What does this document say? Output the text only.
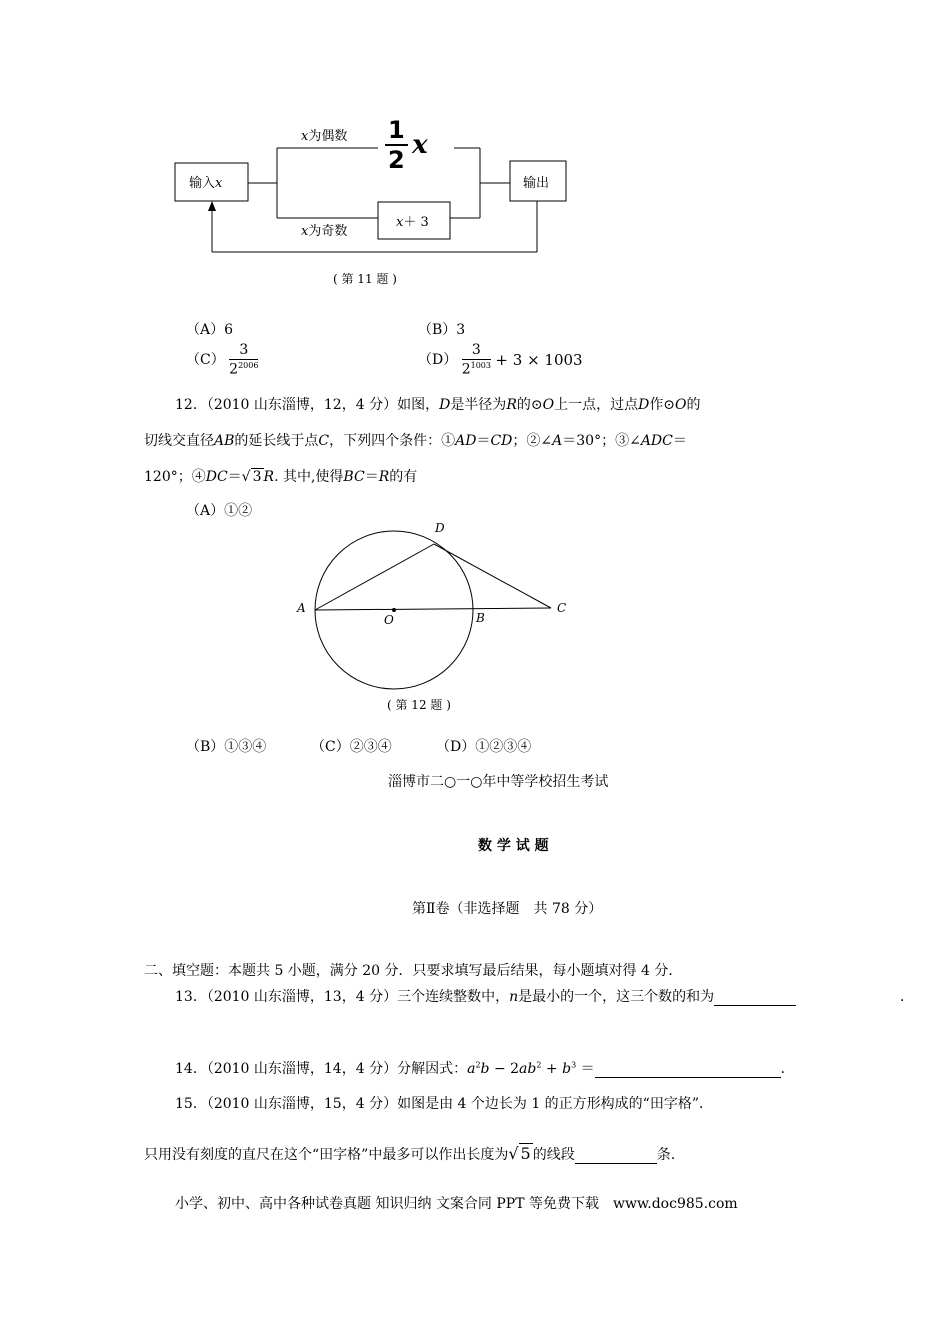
输入x	输出
x为偶数
x为奇数
$\frac{1}{2}$ x
x＋ 3
( 第 11 题 )
（A）6	（B）3
$(C) \frac{3}{2^{2006}}$	$(D) \frac{3}{2^{1003}} + 3 \times 1003$
12．（2010 山东淄博，12，4 分）如图，D是半径为R的⊙O上一点，过点D作⊙O的
切线交直径AB的延长线于点C，下列四个条件：①AD＝CD；②∠A＝30°；③∠ADC＝
120°；④DC＝√ 3 R. 其中,使得BC＝R的有
（A）①②
A
B
C
D
O
( 第 12 题 )
（B）①③④	（C）②③④	（D）①②③④
淄博市二○一○年中等学校招生考试
数 学 试 题
第Ⅱ卷（非选择题　共 78 分）
二、填空题：本题共 5 小题，满分 20 分．只要求填写最后结果，每小题填对得 4 分．
13．（2010 山东淄博，13，4 分）三个连续整数中，n是最小的一个，这三个数的和为	．
14．（2010 山东淄博，14，4 分）分解因式：$a^2b - 2ab^2 + b^3$ ＝	．
15．（2010 山东淄博，15，4 分）如图是由 4 个边长为 1 的正方形构成的“田字格”．
只用没有刻度的直尺在这个“田字格”中最多可以作出长度为√ 5 的线段	条.
小学、初中、高中各种试卷真题 知识归纳 文案合同 PPT 等免费下载　www.doc985.com
